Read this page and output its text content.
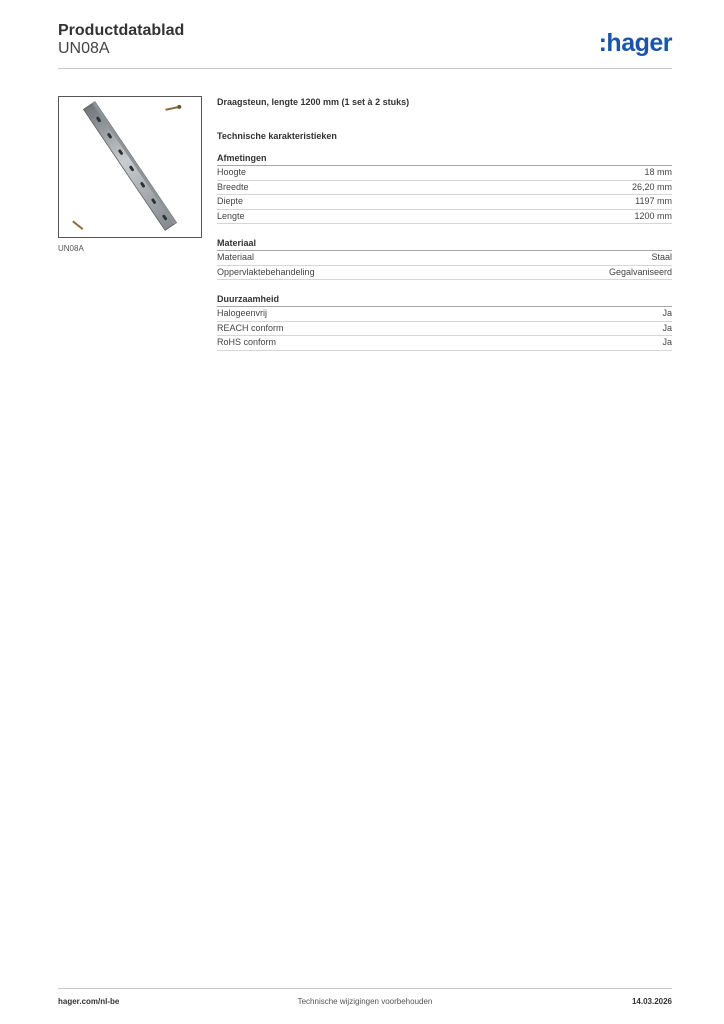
Productdatablad
UN08A	:hager
UN08A
Draagsteun, lengte 1200 mm (1 set à 2 stuks)
Technische karakteristieken
Afmetingen
Hoogte	18 mm
Breedte	26,20 mm
Diepte	1197 mm
Lengte	1200 mm
Materiaal
Materiaal	Staal
Oppervlaktebehandeling	Gegalvaniseerd
Duurzaamheid
Halogeenvrij	Ja
REACH conform	Ja
RoHS conform	Ja
hager.com/nl-be	Technische wijzigingen voorbehouden	14.03.2026
